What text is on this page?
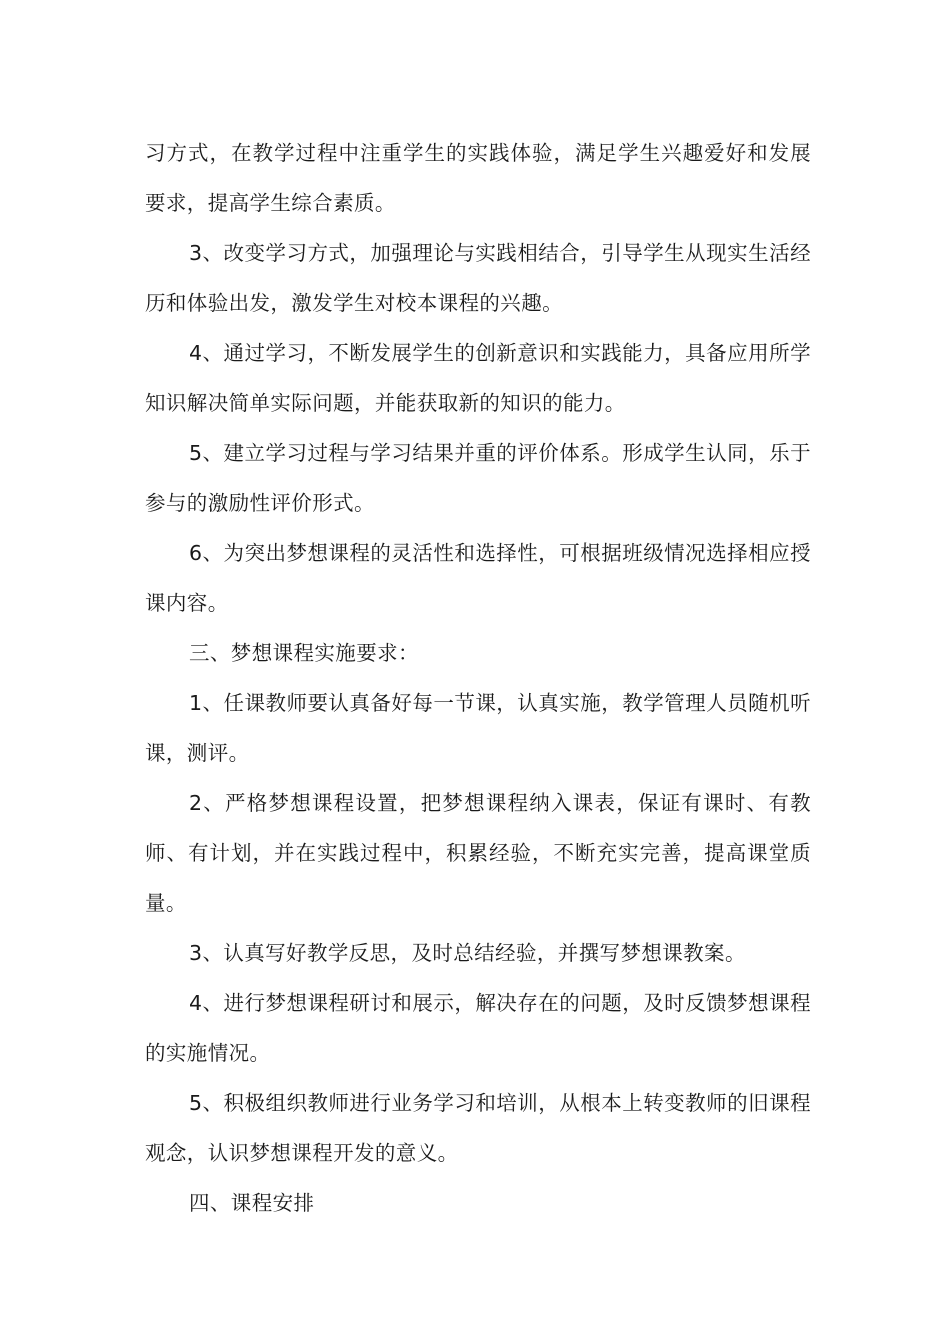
习方式，在教学过程中注重学生的实践体验，满足学生兴趣爱好和发展要求，提高学生综合素质。

3、改变学习方式，加强理论与实践相结合，引导学生从现实生活经历和体验出发，激发学生对校本课程的兴趣。

4、通过学习，不断发展学生的创新意识和实践能力，具备应用所学知识解决简单实际问题，并能获取新的知识的能力。

5、建立学习过程与学习结果并重的评价体系。形成学生认同，乐于参与的激励性评价形式。

6、为突出梦想课程的灵活性和选择性，可根据班级情况选择相应授课内容。

三、梦想课程实施要求：

1、任课教师要认真备好每一节课，认真实施，教学管理人员随机听课，测评。

2、严格梦想课程设置，把梦想课程纳入课表，保证有课时、有教师、有计划，并在实践过程中，积累经验，不断充实完善，提高课堂质量。

3、认真写好教学反思，及时总结经验，并撰写梦想课教案。

4、进行梦想课程研讨和展示，解决存在的问题，及时反馈梦想课程的实施情况。

5、积极组织教师进行业务学习和培训，从根本上转变教师的旧课程观念，认识梦想课程开发的意义。

四、课程安排
